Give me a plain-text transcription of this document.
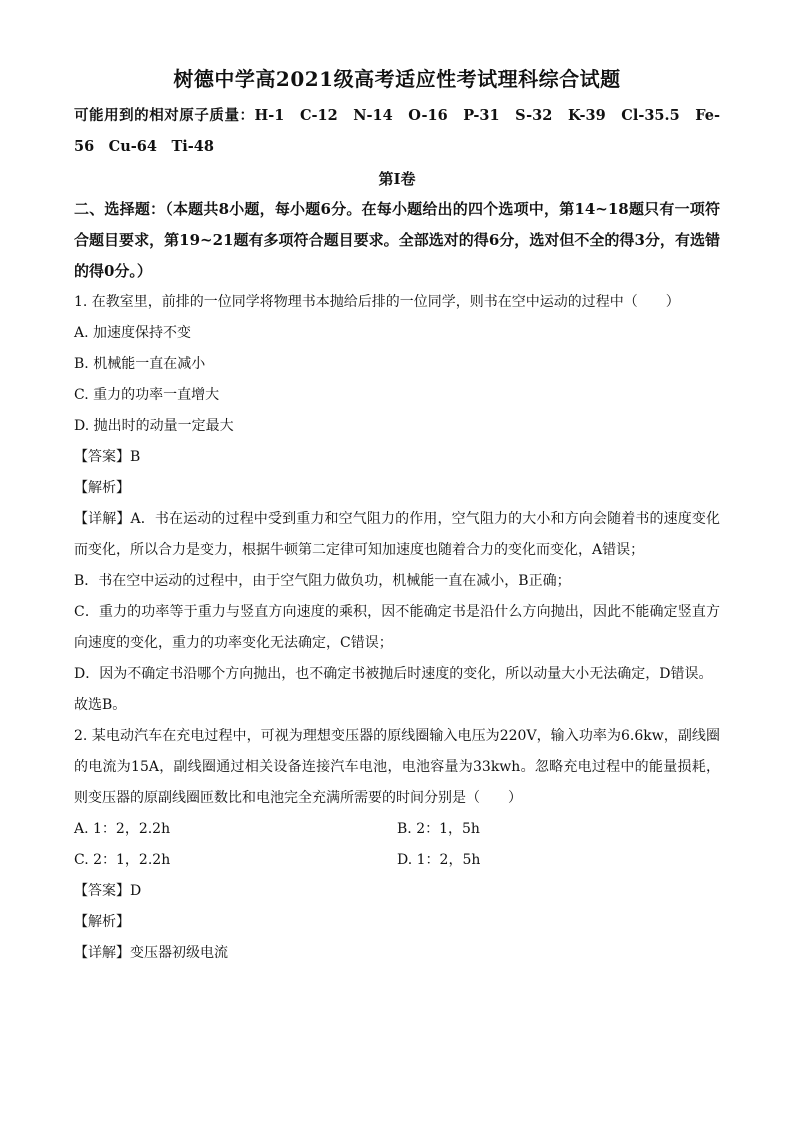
树德中学高2021级高考适应性考试理科综合试题
可能用到的相对原子质量：H-1　C-12　N-14　O-16　P-31　S-32　K-39　Cl-35.5　Fe-56　Cu-64　Ti-48
第Ⅰ卷
二、选择题：（本题共8小题，每小题6分。在每小题给出的四个选项中，第14~18题只有一项符合题目要求，第19~21题有多项符合题目要求。全部选对的得6分，选对但不全的得3分，有选错的得0分。）
1. 在教室里，前排的一位同学将物理书本抛给后排的一位同学，则书在空中运动的过程中（　　）
A. 加速度保持不变
B. 机械能一直在减小
C. 重力的功率一直增大
D. 抛出时的动量一定最大
【答案】B
【解析】
【详解】A．书在运动的过程中受到重力和空气阻力的作用，空气阻力的大小和方向会随着书的速度变化而变化，所以合力是变力，根据牛顿第二定律可知加速度也随着合力的变化而变化，A错误；
B．书在空中运动的过程中，由于空气阻力做负功，机械能一直在减小，B正确；
C．重力的功率等于重力与竖直方向速度的乘积，因不能确定书是沿什么方向抛出，因此不能确定竖直方向速度的变化，重力的功率变化无法确定，C错误；
D．因为不确定书沿哪个方向抛出，也不确定书被抛后时速度的变化，所以动量大小无法确定，D错误。
故选B。
2. 某电动汽车在充电过程中，可视为理想变压器的原线圈输入电压为220V，输入功率为6.6kw，副线圈的电流为15A，副线圈通过相关设备连接汽车电池，电池容量为33kwh。忽略充电过程中的能量损耗，则变压器的原副线圈匝数比和电池完全充满所需要的时间分别是（　　）
A. 1：2，2.2h	B. 2：1，5h
C. 2：1，2.2h	D. 1：2，5h
【答案】D
【解析】
【详解】变压器初级电流
